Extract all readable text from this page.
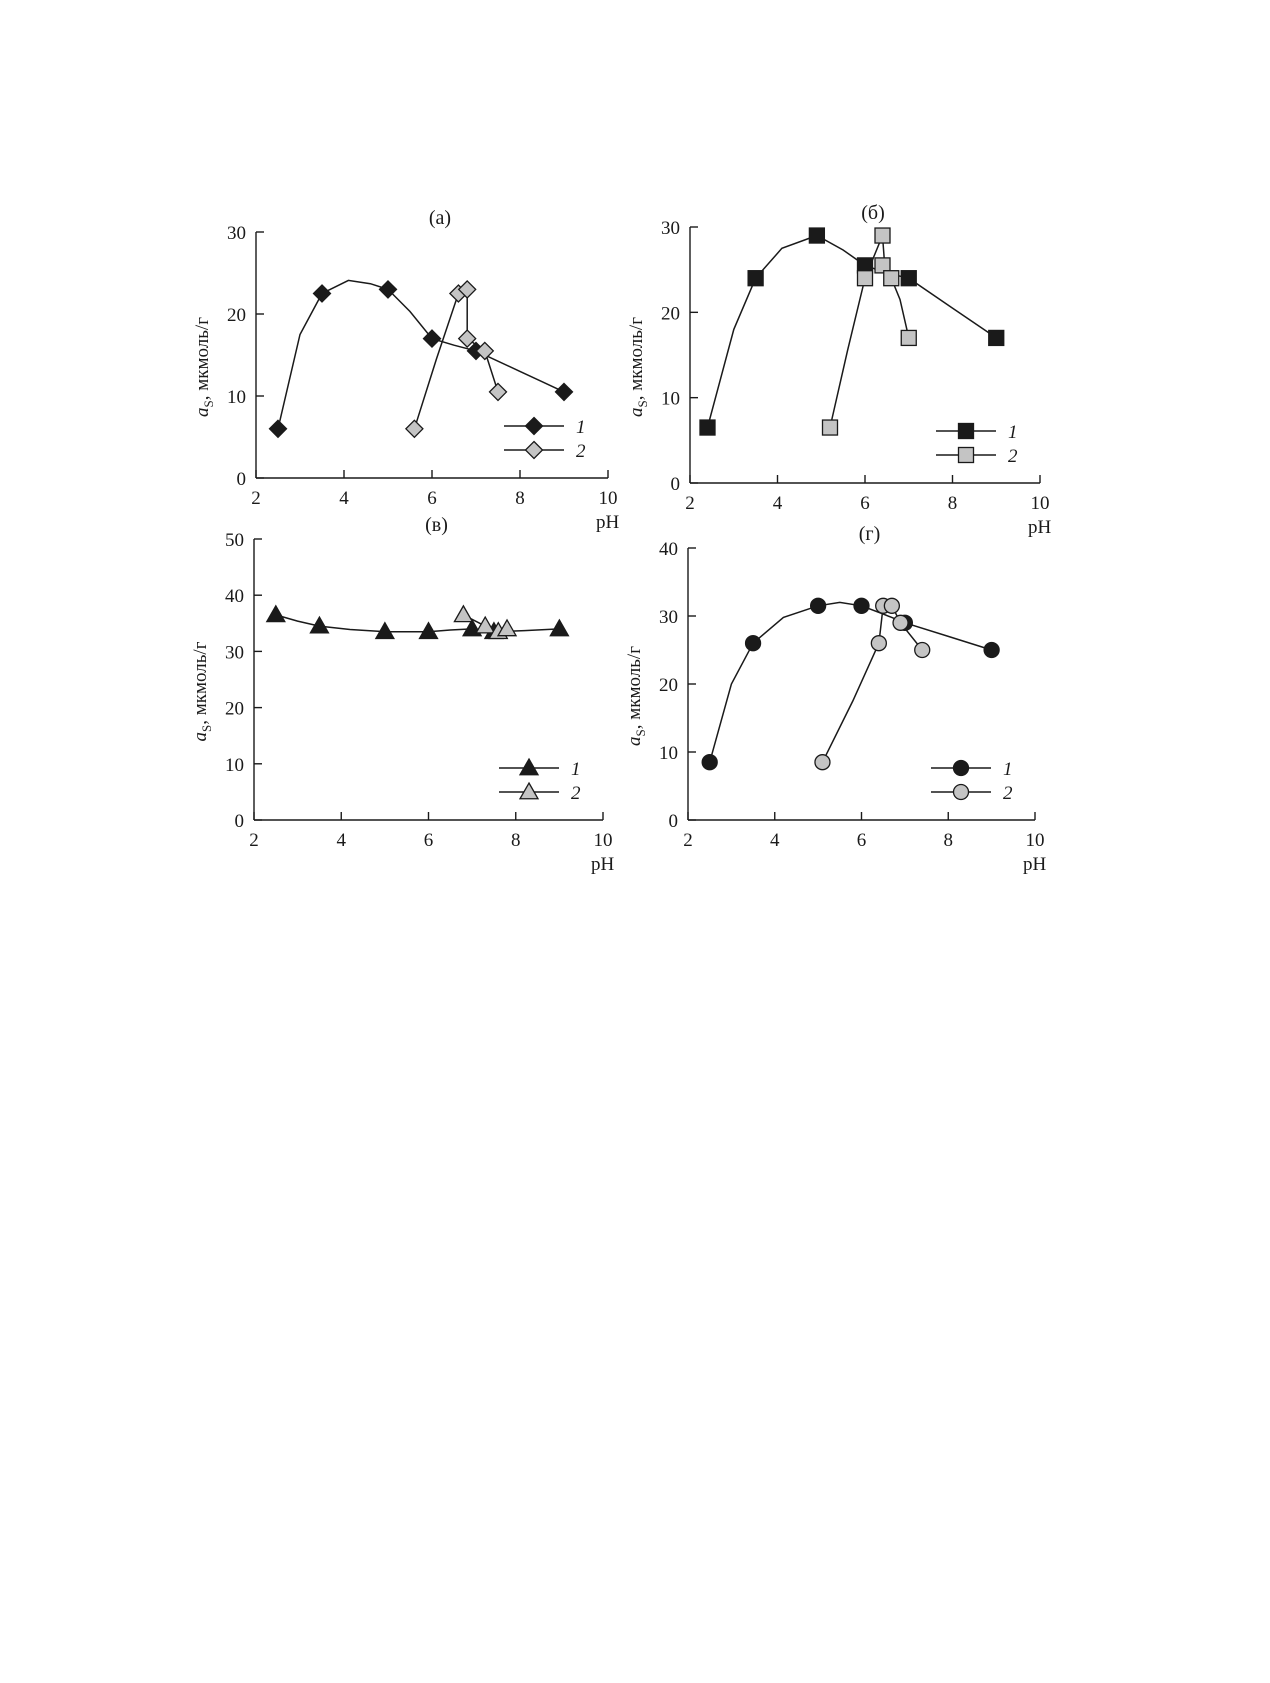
2	4	6	8	10
0
10
20
30
(а)
pH
$a_S$, мкмоль/г
1
2
2	4	6	8	10
0
10
20
30
(б)
pH
$a_S$, мкмоль/г
1
2
2	4	6	8	10
0
10
20
30
40
50
(в)
pH
$a_S$, мкмоль/г
1
2
2	4	6	8	10
0
10
20
30
40
(г)
pH
$a_S$, мкмоль/г
1
2
